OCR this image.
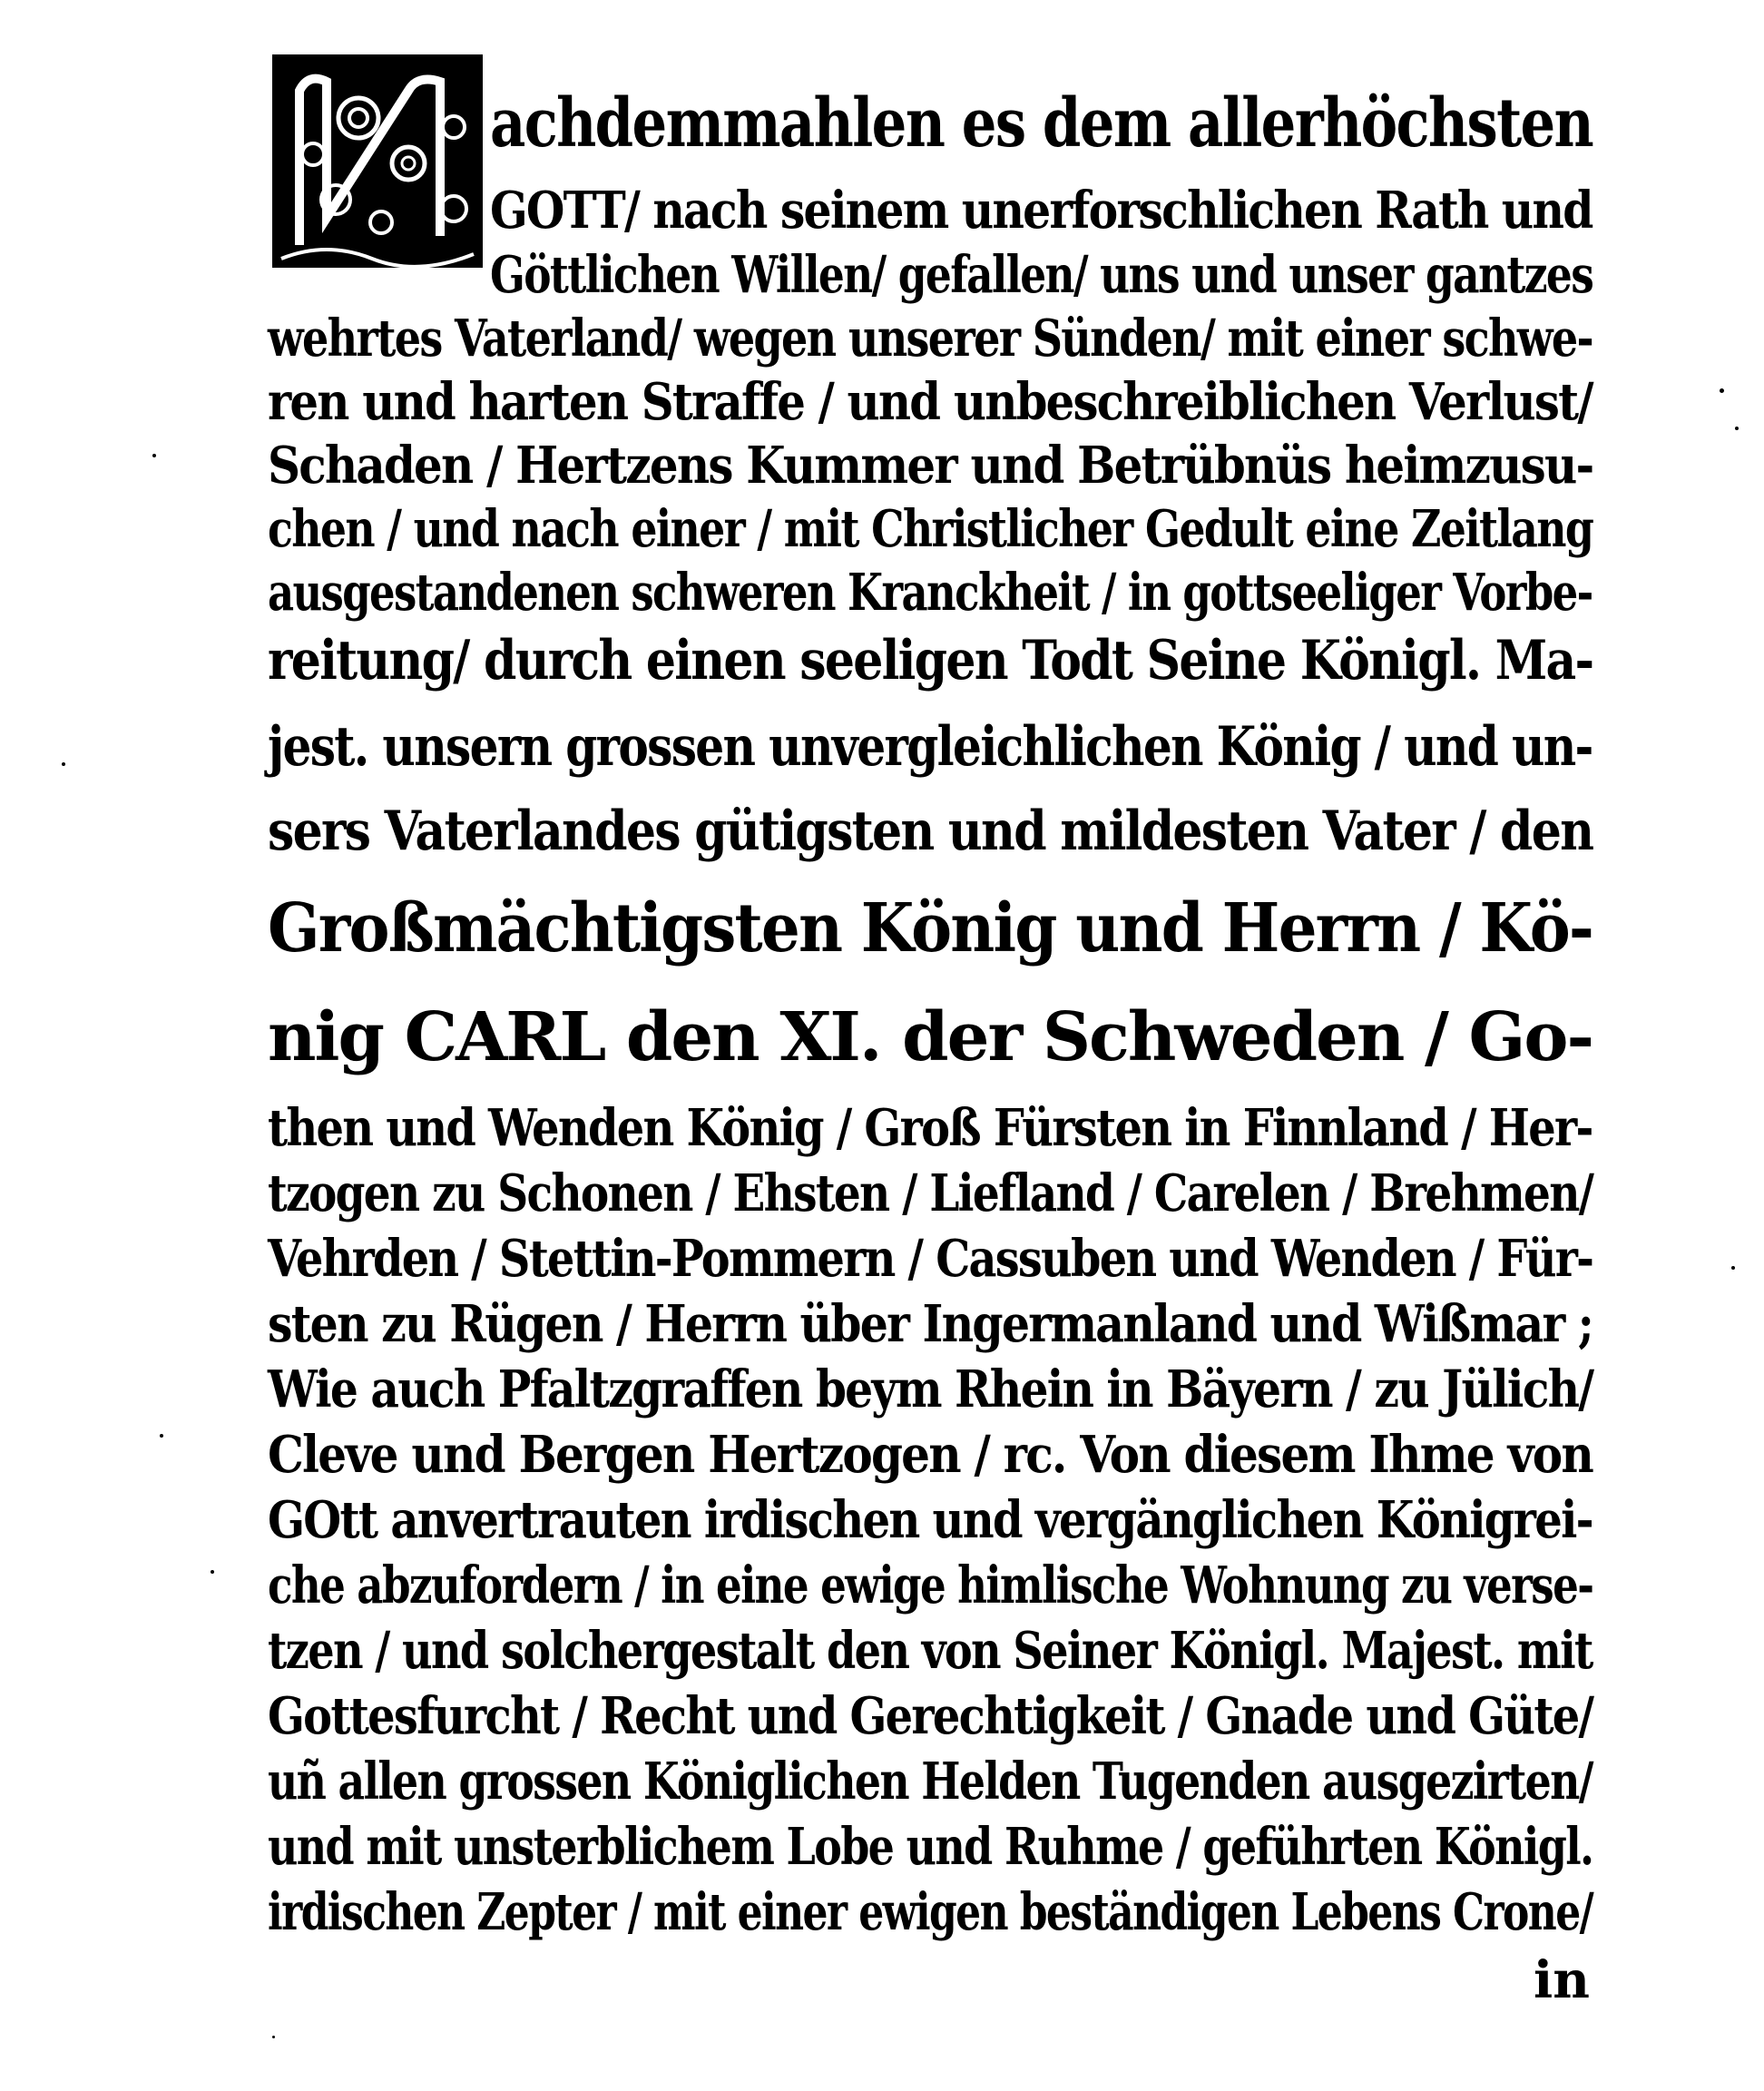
achdemmahlen es dem allerhöchsten
GOTT/ nach seinem unerforschlichen Rath und
Göttlichen Willen/ gefallen/ uns und unser gantzes
wehrtes Vaterland/ wegen unserer Sünden/ mit einer schwe-
ren und harten Straffe / und unbeschreiblichen Verlust/
Schaden / Hertzens Kummer und Betrübnüs heimzusu-
chen / und nach einer / mit Christlicher Gedult eine Zeitlang
ausgestandenen schweren Kranckheit / in gottseeliger Vorbe-
reitung/ durch einen seeligen Todt Seine Königl. Ma-
jest. unsern grossen unvergleichlichen König / und un-
sers Vaterlandes gütigsten und mildesten Vater / den
Großmächtigsten König und Herrn / Kö-
nig CARL den XI. der Schweden / Go-
then und Wenden König / Groß Fürsten in Finnland / Her-
tzogen zu Schonen / Ehsten / Liefland / Carelen / Brehmen/
Vehrden / Stettin-Pommern / Cassuben und Wenden / Für-
sten zu Rügen / Herrn über Ingermanland und Wißmar ;
Wie auch Pfaltzgraffen beym Rhein in Bäyern / zu Jülich/
Cleve und Bergen Hertzogen / rc. Von diesem Ihme von
GOtt anvertrauten irdischen und vergänglichen Königrei-
che abzufordern / in eine ewige himlische Wohnung zu verse-
tzen / und solchergestalt den von Seiner Königl. Majest. mit
Gottesfurcht / Recht und Gerechtigkeit / Gnade und Güte/
uñ allen grossen Königlichen Helden Tugenden ausgezirten/
und mit unsterblichem Lobe und Ruhme / geführten Königl.
irdischen Zepter / mit einer ewigen beständigen Lebens Crone/
in
